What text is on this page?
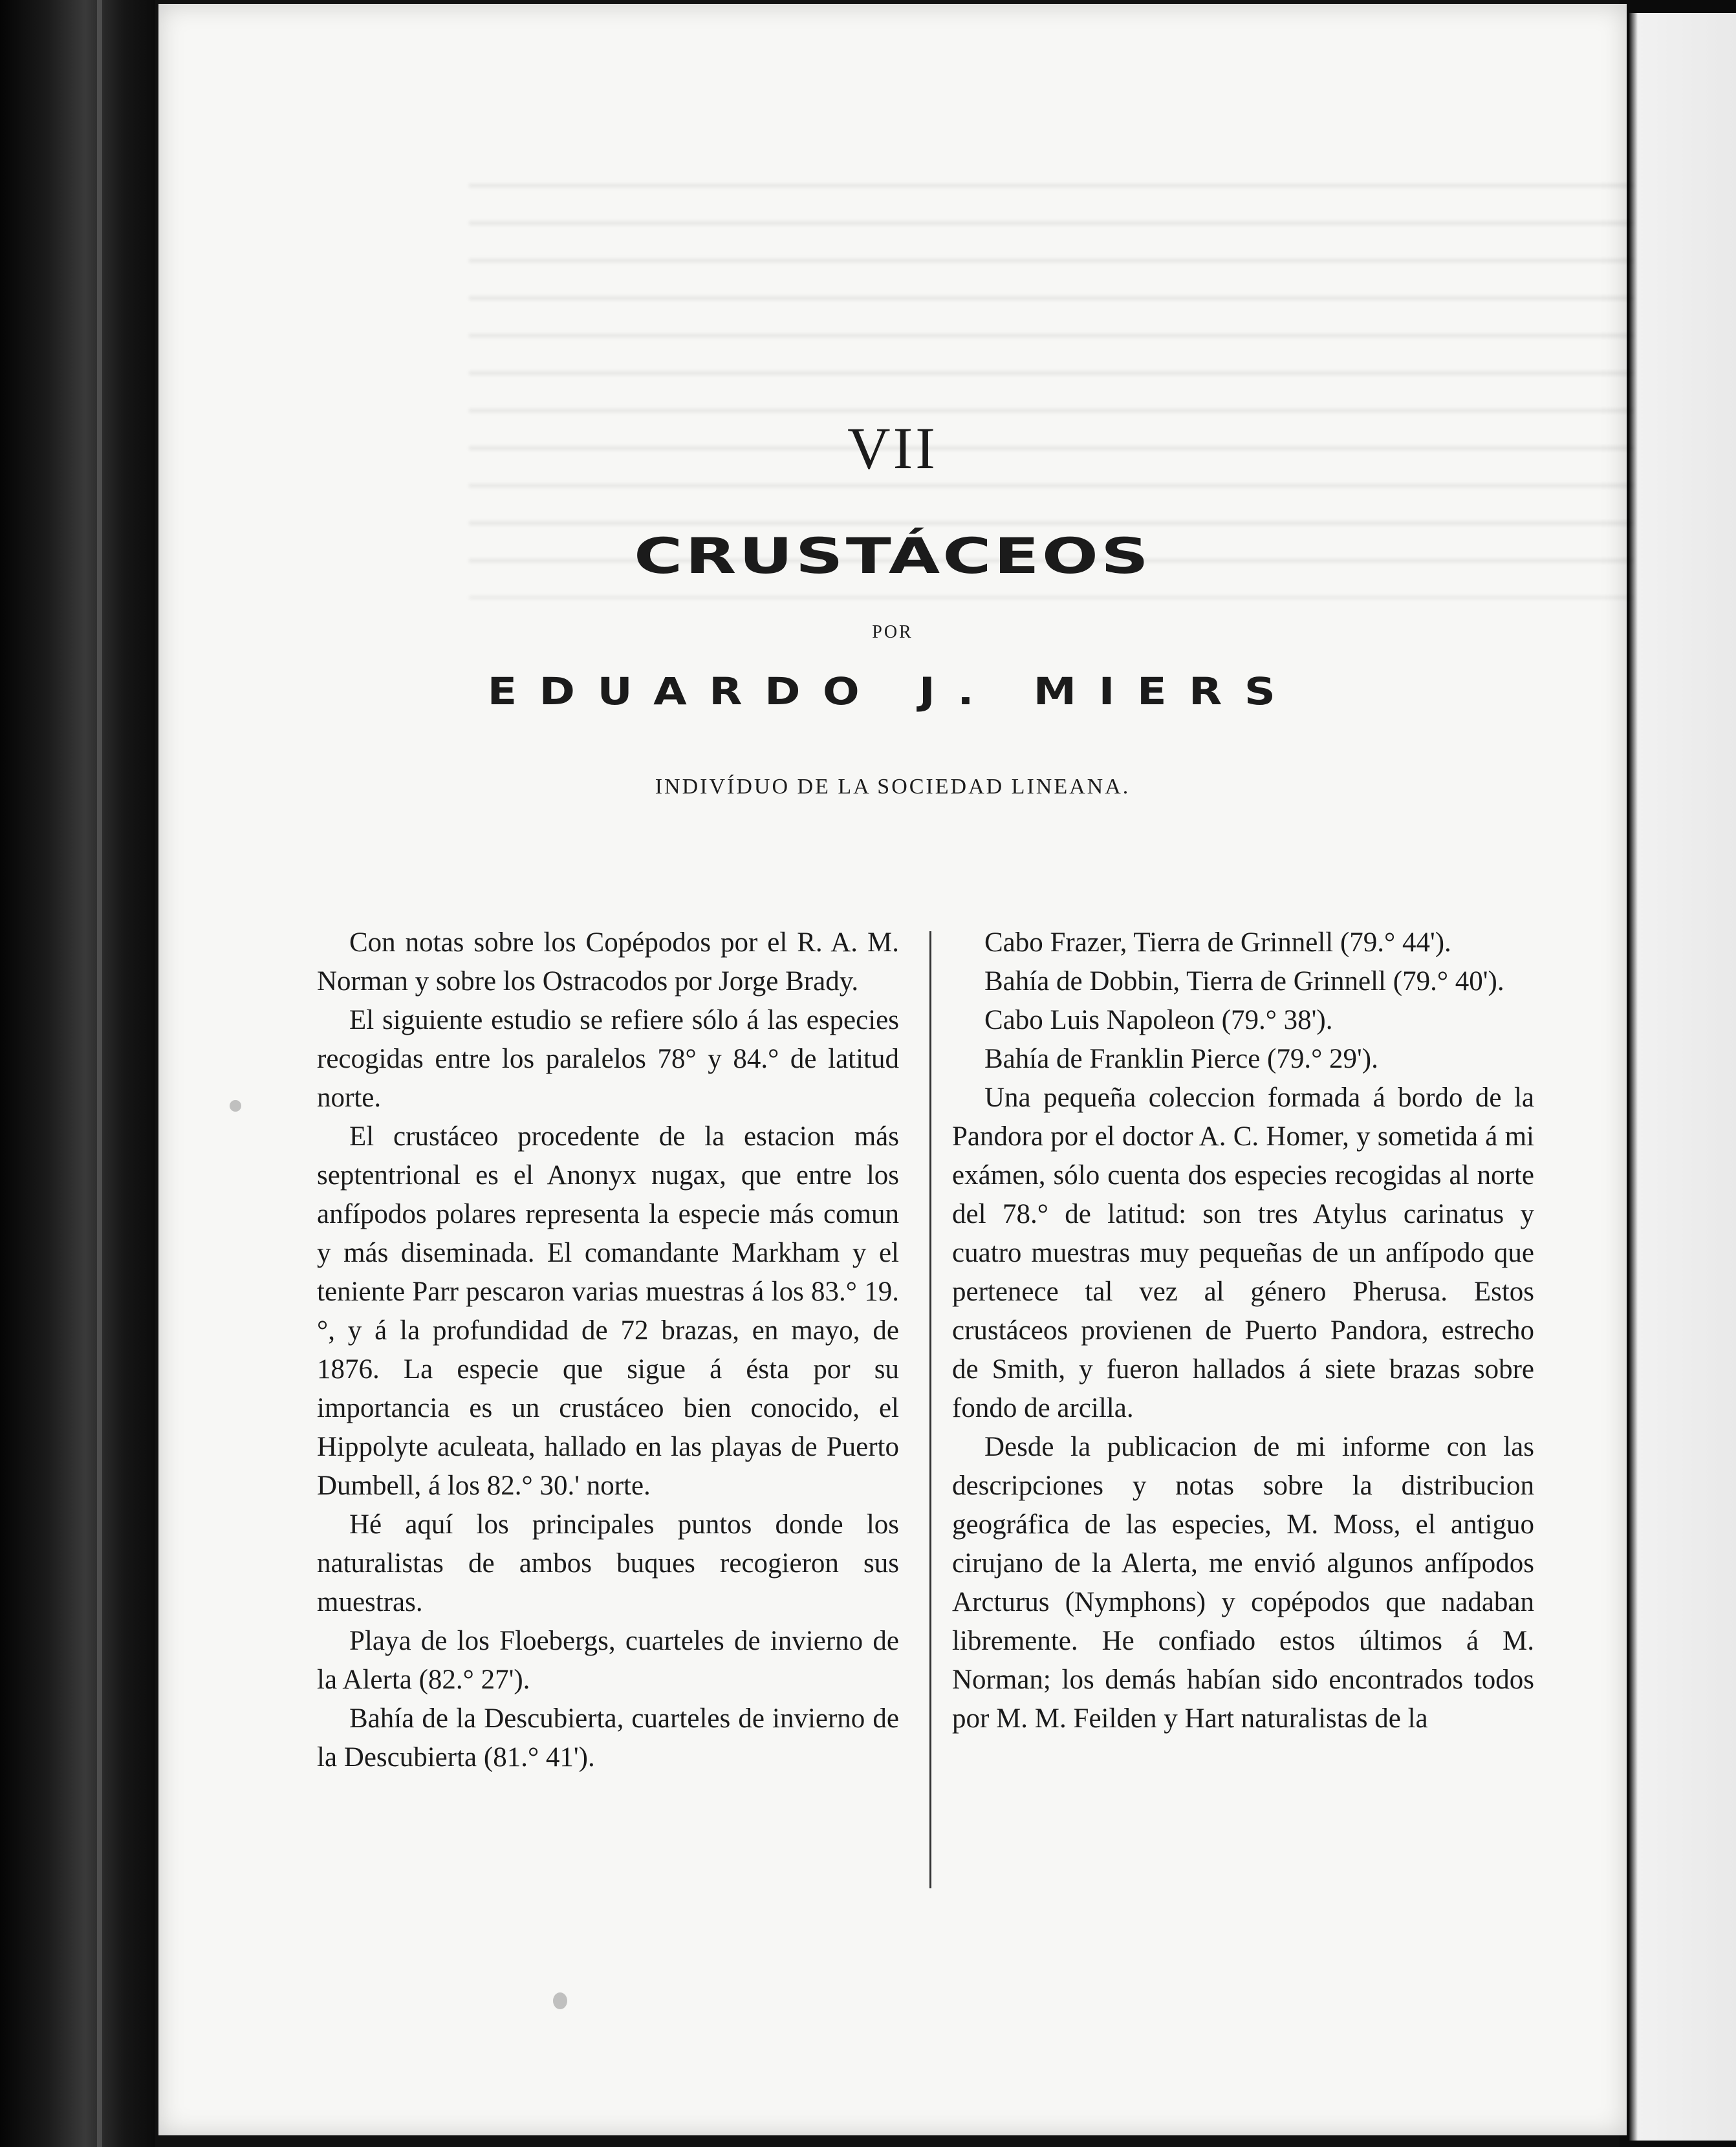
VII
CRUSTÁCEOS
POR
EDUARDO J. MIERS
INDIVÍDUO DE LA SOCIEDAD LINEANA.

Con notas sobre los Copépodos por el R. A. M. Norman y sobre los Ostracodos por Jorge Brady.

El siguiente estudio se refiere sólo á las especies recogidas entre los paralelos 78° y 84.° de latitud norte.

El crustáceo procedente de la estacion más septentrional es el Anonyx nugax, que entre los anfípodos polares representa la especie más comun y más diseminada. El comandante Markham y el teniente Parr pescaron varias muestras á los 83.° 19.°, y á la profundidad de 72 brazas, en mayo, de 1876. La especie que sigue á ésta por su importancia es un crustáceo bien conocido, el Hippolyte aculeata, hallado en las playas de Puerto Dumbell, á los 82.° 30.' norte.

Hé aquí los principales puntos donde los naturalistas de ambos buques recogieron sus muestras.

Playa de los Floebergs, cuarteles de invierno de la Alerta (82.° 27').

Bahía de la Descubierta, cuarteles de invierno de la Descubierta (81.° 41').

Cabo Frazer, Tierra de Grinnell (79.° 44').

Bahía de Dobbin, Tierra de Grinnell (79.° 40').

Cabo Luis Napoleon (79.° 38').

Bahía de Franklin Pierce (79.° 29').

Una pequeña coleccion formada á bordo de la Pandora por el doctor A. C. Homer, y sometida á mi exámen, sólo cuenta dos especies recogidas al norte del 78.° de latitud: son tres Atylus carinatus y cuatro muestras muy pequeñas de un anfípodo que pertenece tal vez al género Pherusa. Estos crustáceos provienen de Puerto Pandora, estrecho de Smith, y fueron hallados á siete brazas sobre fondo de arcilla.

Desde la publicacion de mi informe con las descripciones y notas sobre la distribucion geográfica de las especies, M. Moss, el antiguo cirujano de la Alerta, me envió algunos anfípodos Arcturus (Nymphons) y copépodos que nadaban libremente. He confiado estos últimos á M. Norman; los demás habían sido encontrados todos por M. M. Feilden y Hart naturalistas de la
